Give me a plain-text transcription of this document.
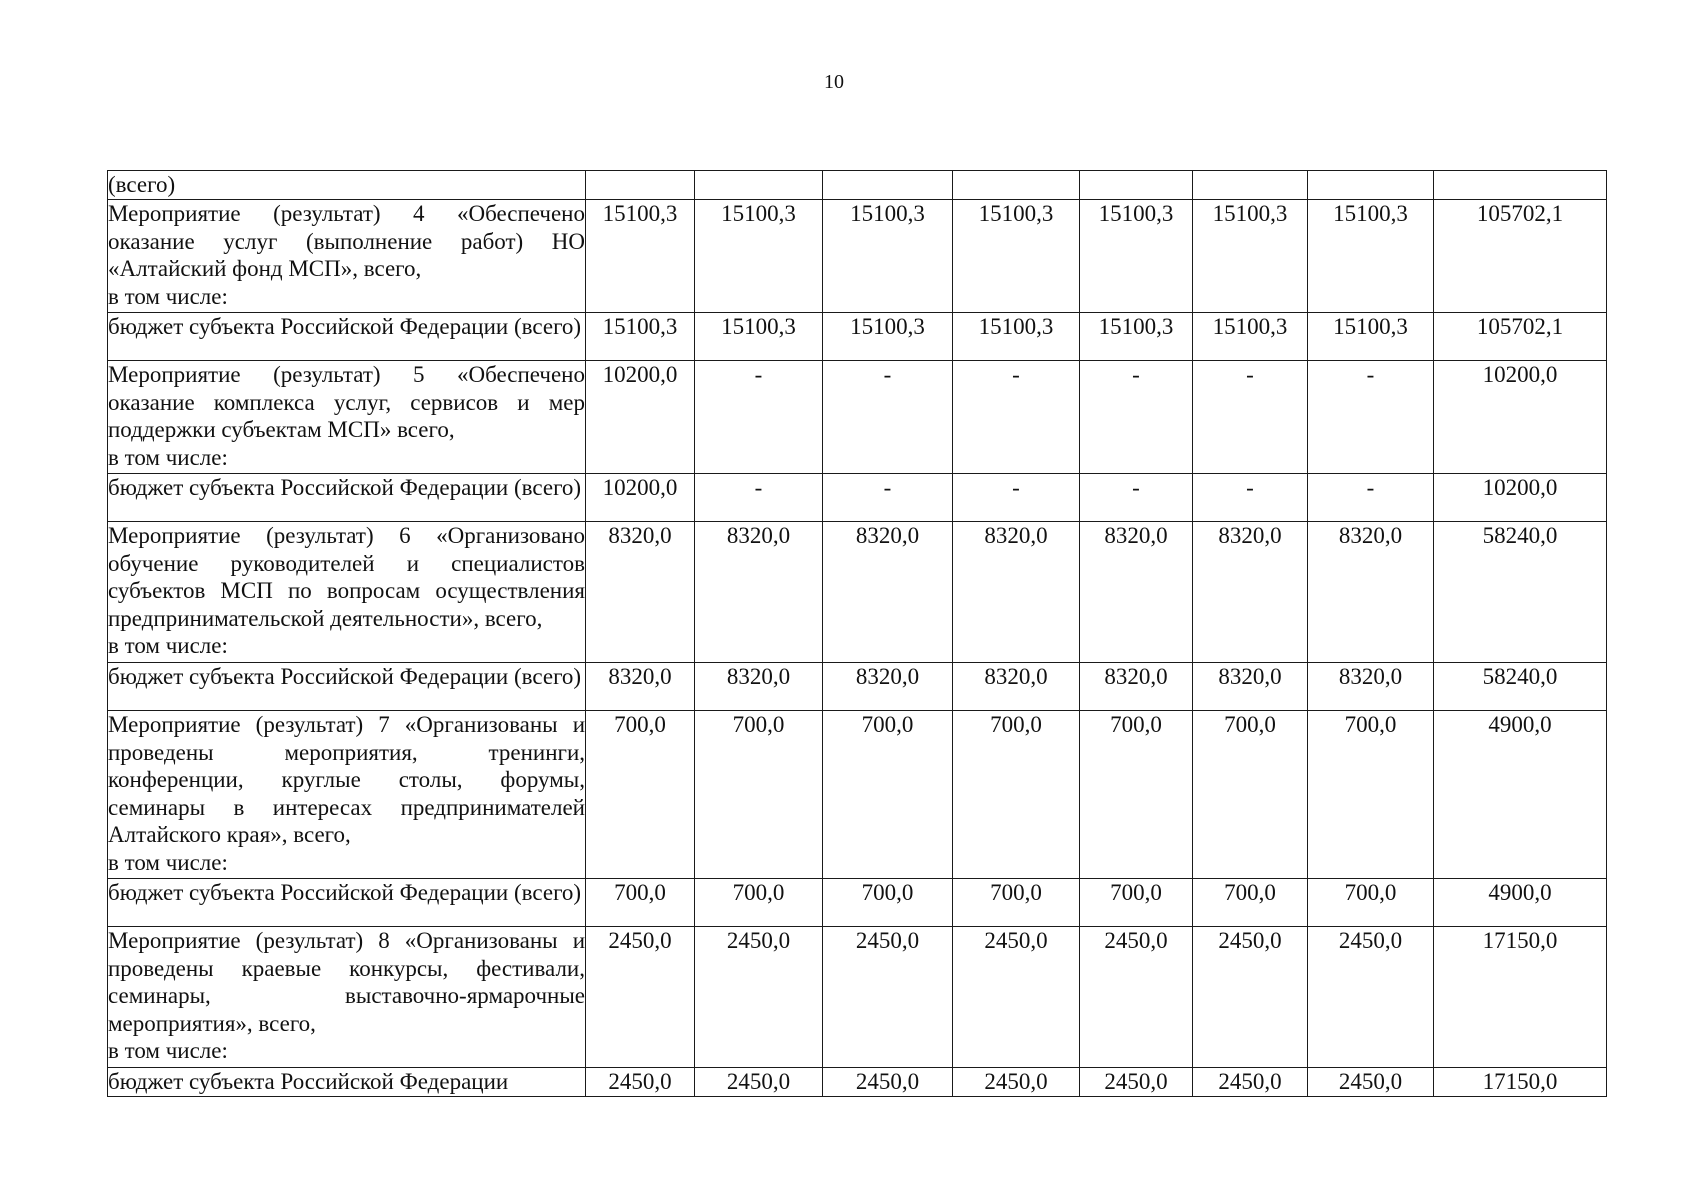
10
(всего)								
Мероприятие (результат) 4 «Обеспечено оказание услуг (выполнение работ) НО «Алтайский фонд МСП», всего,
в том числе:	15100,3	15100,3	15100,3	15100,3	15100,3	15100,3	15100,3	105702,1
бюджет субъекта Российской Федерации (всего)	15100,3	15100,3	15100,3	15100,3	15100,3	15100,3	15100,3	105702,1
Мероприятие (результат) 5 «Обеспечено оказание комплекса услуг, сервисов и мер поддержки субъектам МСП» всего,
в том числе:	10200,0	-	-	-	-	-	-	10200,0
бюджет субъекта Российской Федерации (всего)	10200,0	-	-	-	-	-	-	10200,0
Мероприятие (результат) 6 «Организовано обучение руководителей и специалистов субъектов МСП по вопросам осуществления предпринимательской деятельности», всего,
в том числе:	8320,0	8320,0	8320,0	8320,0	8320,0	8320,0	8320,0	58240,0
бюджет субъекта Российской Федерации (всего)	8320,0	8320,0	8320,0	8320,0	8320,0	8320,0	8320,0	58240,0
Мероприятие (результат) 7 «Организованы и проведены мероприятия, тренинги, конференции, круглые столы, форумы, семинары в интересах предпринимателей Алтайского края», всего,
в том числе:	700,0	700,0	700,0	700,0	700,0	700,0	700,0	4900,0
бюджет субъекта Российской Федерации (всего)	700,0	700,0	700,0	700,0	700,0	700,0	700,0	4900,0
Мероприятие (результат) 8 «Организованы и проведены краевые конкурсы, фестивали, семинары, выставочно-ярмарочные мероприятия», всего,
в том числе:	2450,0	2450,0	2450,0	2450,0	2450,0	2450,0	2450,0	17150,0
бюджет субъекта Российской Федерации	2450,0	2450,0	2450,0	2450,0	2450,0	2450,0	2450,0	17150,0
